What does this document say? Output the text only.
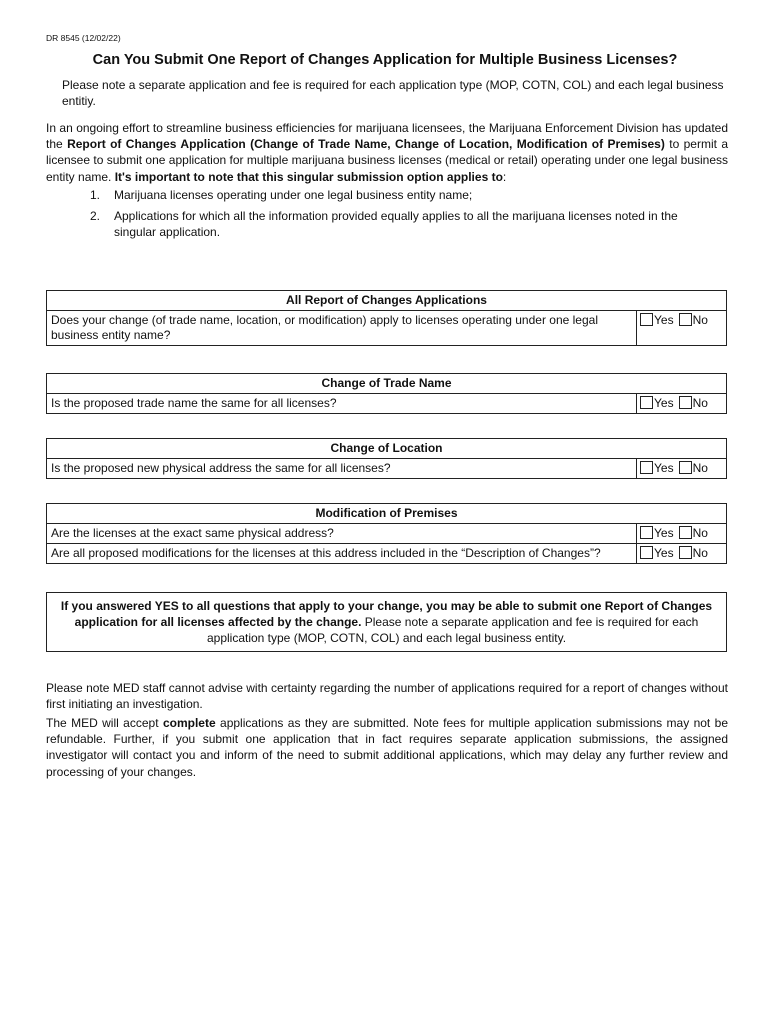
DR 8545 (12/02/22)
Can You Submit One Report of Changes Application for Multiple Business Licenses?

Please note a separate application and fee is required for each application type (MOP, COTN, COL) and each legal business entitiy.

In an ongoing effort to streamline business efficiencies for marijuana licensees, the Marijuana Enforcement Division has updated the Report of Changes Application (Change of Trade Name, Change of Location, Modification of Premises) to permit a licensee to submit one application for multiple marijuana business licenses (medical or retail) operating under one legal business entity name. It's important to note that this singular submission option applies to:

1. Marijuana licenses operating under one legal business entity name;
2. Applications for which all the information provided equally applies to all the marijuana licenses noted in the singular application.
All Report of Changes Applications
Does your change (of trade name, location, or modification) apply to licenses operating under one legal business entity name?	Yes No
Change of Trade Name
Is the proposed trade name the same for all licenses?	Yes No
Change of Location
Is the proposed new physical address the same for all licenses?	Yes No
Modification of Premises	
Are the licenses at the exact same physical address?	Yes No
Are all proposed modifications for the licenses at this address included in the “Description of Changes”?	Yes No
If you answered YES to all questions that apply to your change, you may be able to submit one Report of Changes application for all licenses affected by the change. Please note a separate application and fee is required for each application type (MOP, COTN, COL) and each legal business entity.

Please note MED staff cannot advise with certainty regarding the number of applications required for a report of changes without first initiating an investigation.

The MED will accept complete applications as they are submitted. Note fees for multiple application submissions may not be refundable. Further, if you submit one application that in fact requires separate application submissions, the assigned investigator will contact you and inform of the need to submit additional applications, which may delay any further review and processing of your changes.
